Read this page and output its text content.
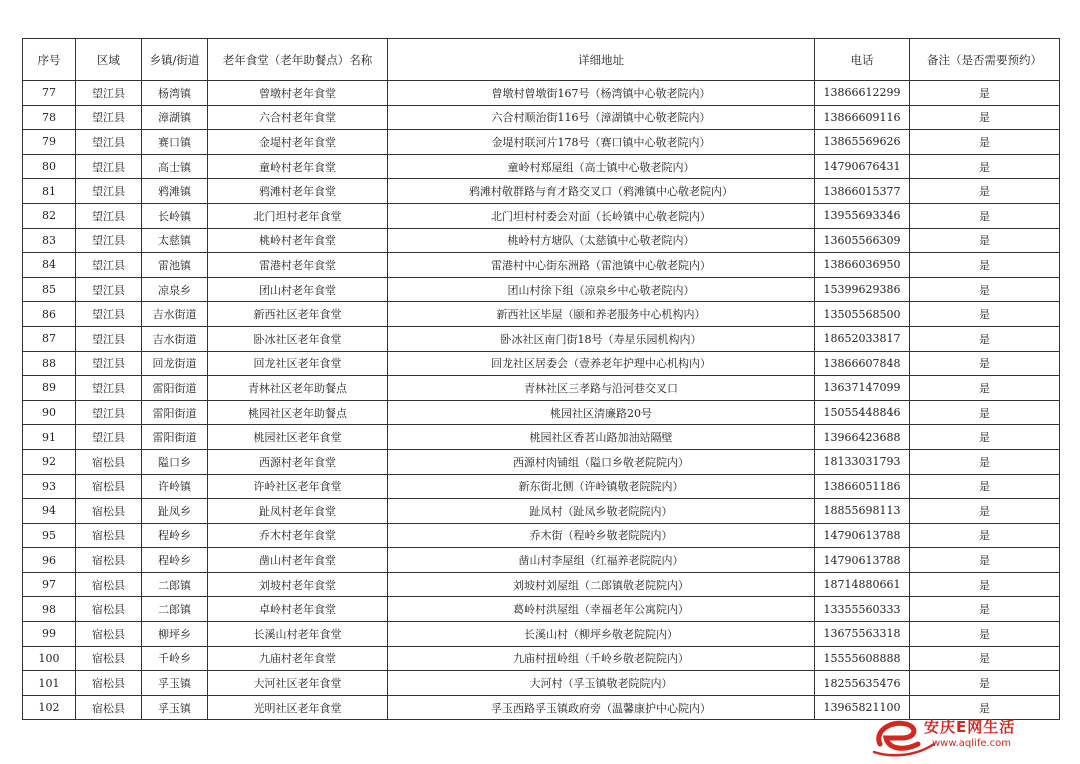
序号	区域	乡镇/街道	老年食堂（老年助餐点）名称	详细地址	电话	备注（是否需要预约）
77	望江县	杨湾镇	曾墩村老年食堂	曾墩村曾墩街167号（杨湾镇中心敬老院内）	13866612299	是
78	望江县	漳湖镇	六合村老年食堂	六合村顺治街116号（漳湖镇中心敬老院内）	13866609116	是
79	望江县	赛口镇	金堤村老年食堂	金堤村联河片178号（赛口镇中心敬老院内）	13865569626	是
80	望江县	高士镇	童岭村老年食堂	童岭村郑屋组（高士镇中心敬老院内）	14790676431	是
81	望江县	鸦滩镇	鸦滩村老年食堂	鸦滩村敬群路与育才路交叉口（鸦滩镇中心敬老院内）	13866015377	是
82	望江县	长岭镇	北门坦村老年食堂	北门坦村村委会对面（长岭镇中心敬老院内）	13955693346	是
83	望江县	太慈镇	桃岭村老年食堂	桃岭村方塘队（太慈镇中心敬老院内）	13605566309	是
84	望江县	雷池镇	雷港村老年食堂	雷港村中心街东洲路（雷池镇中心敬老院内）	13866036950	是
85	望江县	凉泉乡	团山村老年食堂	团山村徐下组（凉泉乡中心敬老院内）	15399629386	是
86	望江县	吉水街道	新西社区老年食堂	新西社区毕屋（颐和养老服务中心机构内）	13505568500	是
87	望江县	吉水街道	卧冰社区老年食堂	卧冰社区南门街18号（寿星乐园机构内）	18652033817	是
88	望江县	回龙街道	回龙社区老年食堂	回龙社区居委会（壹养老年护理中心机构内）	13866607848	是
89	望江县	雷阳街道	青林社区老年助餐点	青林社区三孝路与沿河巷交叉口	13637147099	是
90	望江县	雷阳街道	桃园社区老年助餐点	桃园社区清廉路20号	15055448846	是
91	望江县	雷阳街道	桃园社区老年食堂	桃园社区香茗山路加油站隔壁	13966423688	是
92	宿松县	隘口乡	西源村老年食堂	西源村肉铺组（隘口乡敬老院院内）	18133031793	是
93	宿松县	许岭镇	许岭社区老年食堂	新东街北侧（许岭镇敬老院院内）	13866051186	是
94	宿松县	趾凤乡	趾凤村老年食堂	趾凤村（趾凤乡敬老院院内）	18855698113	是
95	宿松县	程岭乡	乔木村老年食堂	乔木街（程岭乡敬老院院内）	14790613788	是
96	宿松县	程岭乡	凿山村老年食堂	凿山村李屋组（红福养老院院内）	14790613788	是
97	宿松县	二郎镇	刘坡村老年食堂	刘坡村刘屋组（二郎镇敬老院院内）	18714880661	是
98	宿松县	二郎镇	卓岭村老年食堂	葛岭村洪屋组（幸福老年公寓院内）	13355560333	是
99	宿松县	柳坪乡	长溪山村老年食堂	长溪山村（柳坪乡敬老院院内）	13675563318	是
100	宿松县	千岭乡	九庙村老年食堂	九庙村扭岭组（千岭乡敬老院院内）	15555608888	是
101	宿松县	孚玉镇	大河社区老年食堂	大河村（孚玉镇敬老院院内）	18255635476	是
102	宿松县	孚玉镇	光明社区老年食堂	孚玉西路孚玉镇政府旁（温馨康护中心院内）	13965821100	是
安庆E网生活
www.aqlife.com
